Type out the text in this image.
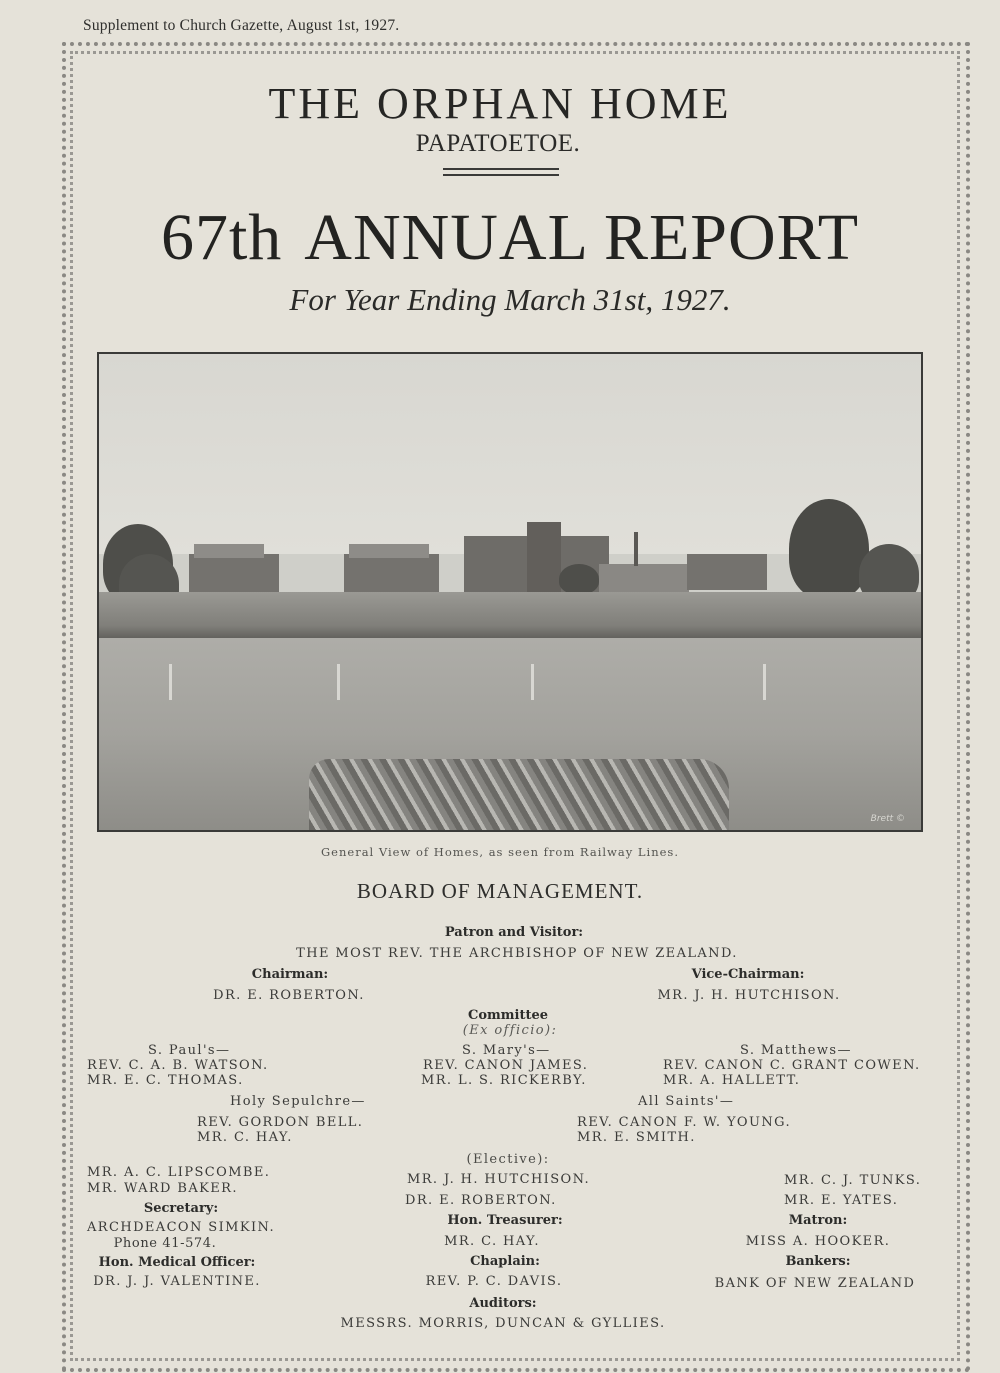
Supplement to Church Gazette, August 1st, 1927.
THE ORPHAN HOME
PAPATOETOE.
67th ANNUAL REPORT
For Year Ending March 31st, 1927.
Brett ©
General View of Homes, as seen from Railway Lines.
BOARD OF MANAGEMENT.
Patron and Visitor:
THE MOST REV. THE ARCHBISHOP OF NEW ZEALAND.
Chairman:
DR. E. ROBERTON.
Vice-Chairman:
MR. J. H. HUTCHISON.
Committee
(Ex officio):
S. Paul's—
REV. C. A. B. WATSON.
MR. E. C. THOMAS.
S. Mary's—
REV. CANON JAMES.
MR. L. S. RICKERBY.
S. Matthews—
REV. CANON C. GRANT COWEN.
MR. A. HALLETT.
Holy Sepulchre—
REV. GORDON BELL.
MR. C. HAY.
All Saints'—
REV. CANON F. W. YOUNG.
MR. E. SMITH.
(Elective):
MR. A. C. LIPSCOMBE.
MR. WARD BAKER.
MR. J. H. HUTCHISON.
DR. E. ROBERTON.
MR. C. J. TUNKS.
MR. E. YATES.
Secretary:
ARCHDEACON SIMKIN.
Phone 41-574.
Hon. Treasurer:
MR. C. HAY.
Matron:
MISS A. HOOKER.
Hon. Medical Officer:
DR. J. J. VALENTINE.
Chaplain:
REV. P. C. DAVIS.
Bankers:
BANK OF NEW ZEALAND
Auditors:
MESSRS. MORRIS, DUNCAN & GYLLIES.
